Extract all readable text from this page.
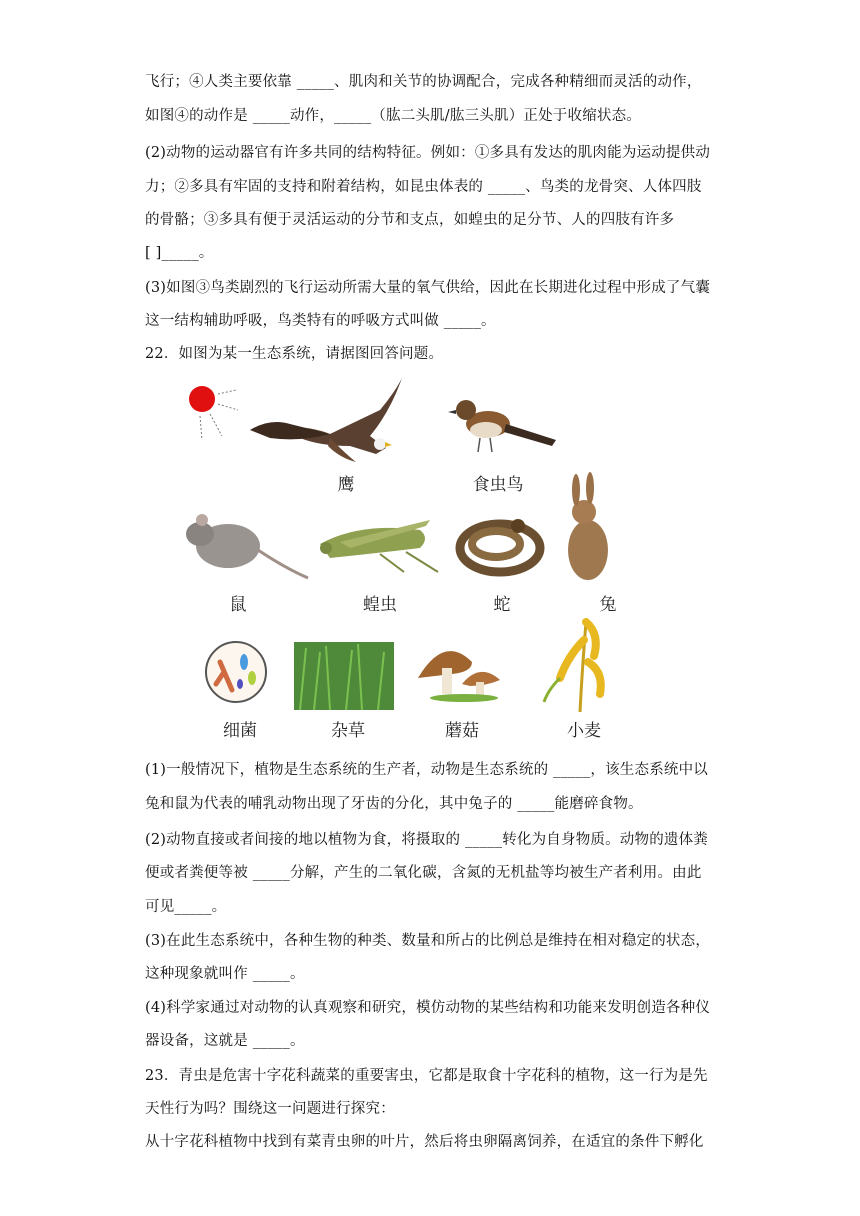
飞行；④人类主要依靠 _____、肌肉和关节的协调配合，完成各种精细而灵活的动作，
如图④的动作是 _____动作，_____（肱二头肌/肱三头肌）正处于收缩状态。
(2)动物的运动器官有许多共同的结构特征。例如：①多具有发达的肌肉能为运动提供动
力；②多具有牢固的支持和附着结构，如昆虫体表的 _____、鸟类的龙骨突、人体四肢
的骨骼；③多具有便于灵活运动的分节和支点，如蝗虫的足分节、人的四肢有许多
[ ]_____。
(3)如图③鸟类剧烈的飞行运动所需大量的氧气供给，因此在长期进化过程中形成了气囊
这一结构辅助呼吸，鸟类特有的呼吸方式叫做 _____。
22．如图为某一生态系统，请据图回答问题。
鹰	食虫鸟
鼠	蝗虫	蛇	兔
细菌	杂草	蘑菇	小麦
(1)一般情况下，植物是生态系统的生产者，动物是生态系统的 _____，该生态系统中以
兔和鼠为代表的哺乳动物出现了牙齿的分化，其中兔子的 _____能磨碎食物。
(2)动物直接或者间接的地以植物为食，将摄取的 _____转化为自身物质。动物的遗体粪
便或者粪便等被 _____分解，产生的二氧化碳，含氮的无机盐等均被生产者利用。由此
可见_____。
(3)在此生态系统中，各种生物的种类、数量和所占的比例总是维持在相对稳定的状态，
这种现象就叫作 _____。
(4)科学家通过对动物的认真观察和研究，模仿动物的某些结构和功能来发明创造各种仪
器设备，这就是 _____。
23．青虫是危害十字花科蔬菜的重要害虫，它都是取食十字花科的植物，这一行为是先
天性行为吗？围绕这一问题进行探究：
从十字花科植物中找到有菜青虫卵的叶片，然后将虫卵隔离饲养，在适宜的条件下孵化
